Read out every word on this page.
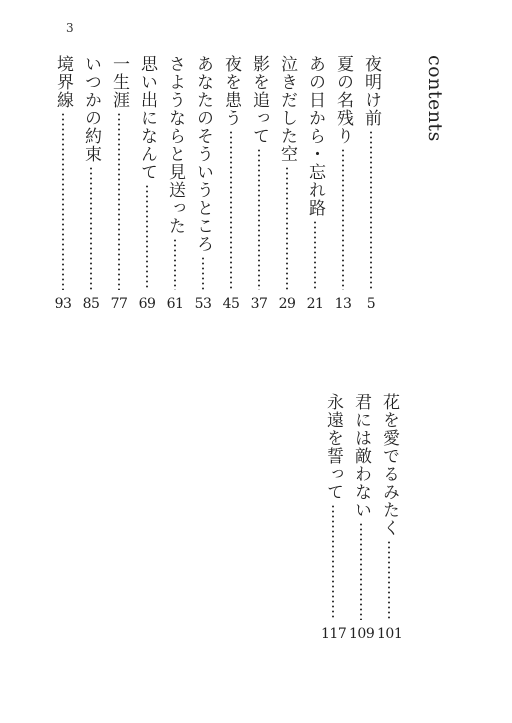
3
contents
夜明け前
5
夏の名残り
13
あの日から・忘れ路
21
泣きだした空
29
影を追って
37
夜を患う
45
あなたのそういうところ
53
さようならと見送った
61
思い出になんて
69
一生涯
77
いつかの約束
85
境界線
93
花を愛でるみたく
101
君には敵わない
109
永遠を誓って
117
